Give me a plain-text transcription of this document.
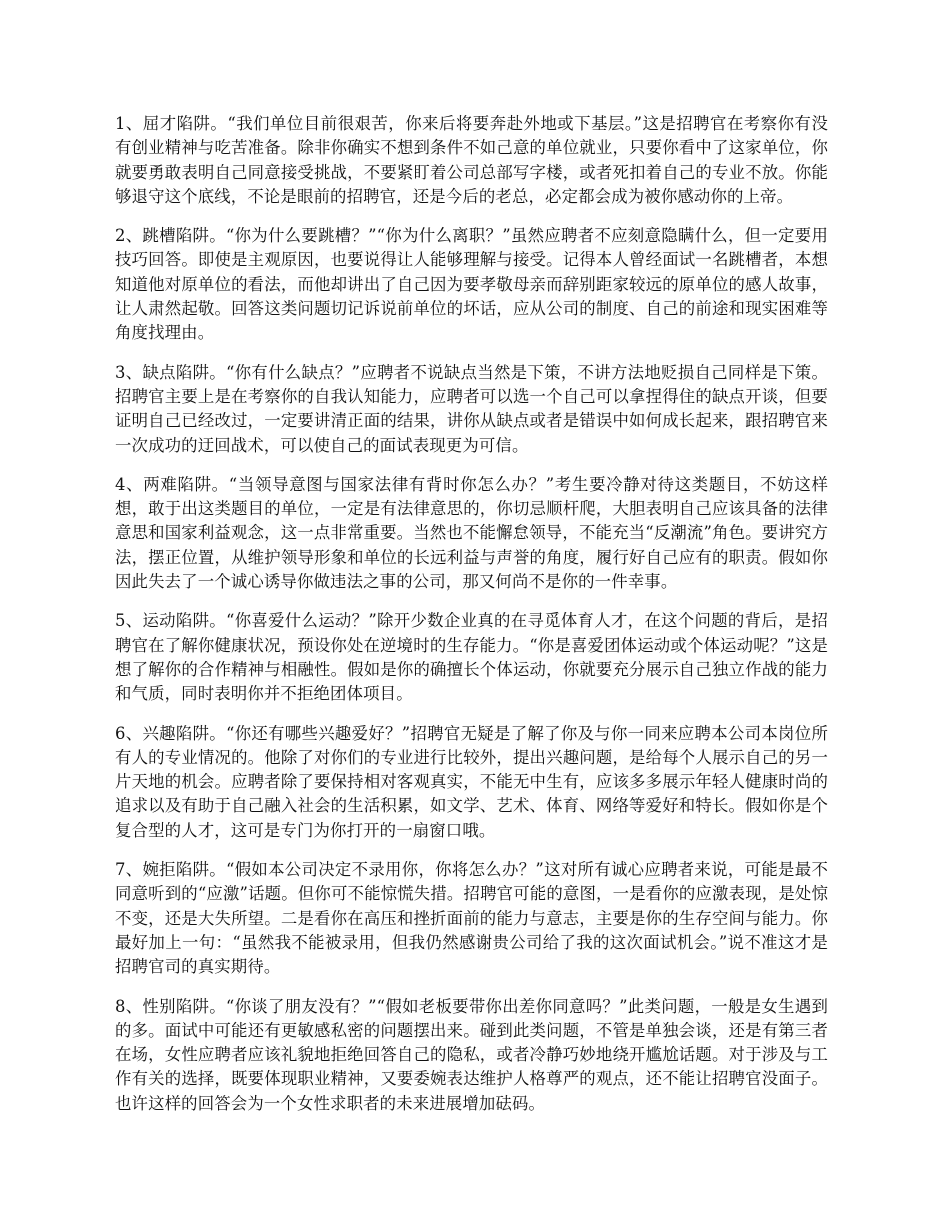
1、屈才陷阱。“我们单位目前很艰苦，你来后将要奔赴外地或下基层。”这是招聘官在考察你有没有创业精神与吃苦准备。除非你确实不想到条件不如己意的单位就业，只要你看中了这家单位，你就要勇敢表明自己同意接受挑战，不要紧盯着公司总部写字楼，或者死扣着自己的专业不放。你能够退守这个底线，不论是眼前的招聘官，还是今后的老总，必定都会成为被你感动你的上帝。

2、跳槽陷阱。“你为什么要跳槽？”“你为什么离职？”虽然应聘者不应刻意隐瞒什么，但一定要用技巧回答。即使是主观原因，也要说得让人能够理解与接受。记得本人曾经面试一名跳槽者，本想知道他对原单位的看法，而他却讲出了自己因为要孝敬母亲而辞别距家较远的原单位的感人故事，让人肃然起敬。回答这类问题切记诉说前单位的坏话，应从公司的制度、自己的前途和现实困难等角度找理由。

3、缺点陷阱。“你有什么缺点？”应聘者不说缺点当然是下策，不讲方法地贬损自己同样是下策。招聘官主要上是在考察你的自我认知能力，应聘者可以选一个自己可以拿捏得住的缺点开谈，但要证明自己已经改过，一定要讲清正面的结果，讲你从缺点或者是错误中如何成长起来，跟招聘官来一次成功的迂回战术，可以使自己的面试表现更为可信。

4、两难陷阱。“当领导意图与国家法律有背时你怎么办？”考生要冷静对待这类题目，不妨这样想，敢于出这类题目的单位，一定是有法律意思的，你切忌顺杆爬，大胆表明自己应该具备的法律意思和国家利益观念，这一点非常重要。当然也不能懈怠领导，不能充当“反潮流”角色。要讲究方法，摆正位置，从维护领导形象和单位的长远利益与声誉的角度，履行好自己应有的职责。假如你因此失去了一个诚心诱导你做违法之事的公司，那又何尚不是你的一件幸事。

5、运动陷阱。“你喜爱什么运动？”除开少数企业真的在寻觅体育人才，在这个问题的背后，是招聘官在了解你健康状况，预设你处在逆境时的生存能力。“你是喜爱团体运动或个体运动呢？”这是想了解你的合作精神与相融性。假如是你的确擅长个体运动，你就要充分展示自己独立作战的能力和气质，同时表明你并不拒绝团体项目。

6、兴趣陷阱。“你还有哪些兴趣爱好？”招聘官无疑是了解了你及与你一同来应聘本公司本岗位所有人的专业情况的。他除了对你们的专业进行比较外，提出兴趣问题，是给每个人展示自己的另一片天地的机会。应聘者除了要保持相对客观真实，不能无中生有，应该多多展示年轻人健康时尚的追求以及有助于自己融入社会的生活积累，如文学、艺术、体育、网络等爱好和特长。假如你是个复合型的人才，这可是专门为你打开的一扇窗口哦。

7、婉拒陷阱。“假如本公司决定不录用你，你将怎么办？”这对所有诚心应聘者来说，可能是最不同意听到的“应激”话题。但你可不能惊慌失措。招聘官可能的意图，一是看你的应激表现，是处惊不变，还是大失所望。二是看你在高压和挫折面前的能力与意志，主要是你的生存空间与能力。你最好加上一句：“虽然我不能被录用，但我仍然感谢贵公司给了我的这次面试机会。”说不准这才是招聘官司的真实期待。

8、性别陷阱。“你谈了朋友没有？”“假如老板要带你出差你同意吗？”此类问题，一般是女生遇到的多。面试中可能还有更敏感私密的问题摆出来。碰到此类问题，不管是单独会谈，还是有第三者在场，女性应聘者应该礼貌地拒绝回答自己的隐私，或者冷静巧妙地绕开尴尬话题。对于涉及与工作有关的选择，既要体现职业精神，又要委婉表达维护人格尊严的观点，还不能让招聘官没面子。也许这样的回答会为一个女性求职者的未来进展增加砝码。
